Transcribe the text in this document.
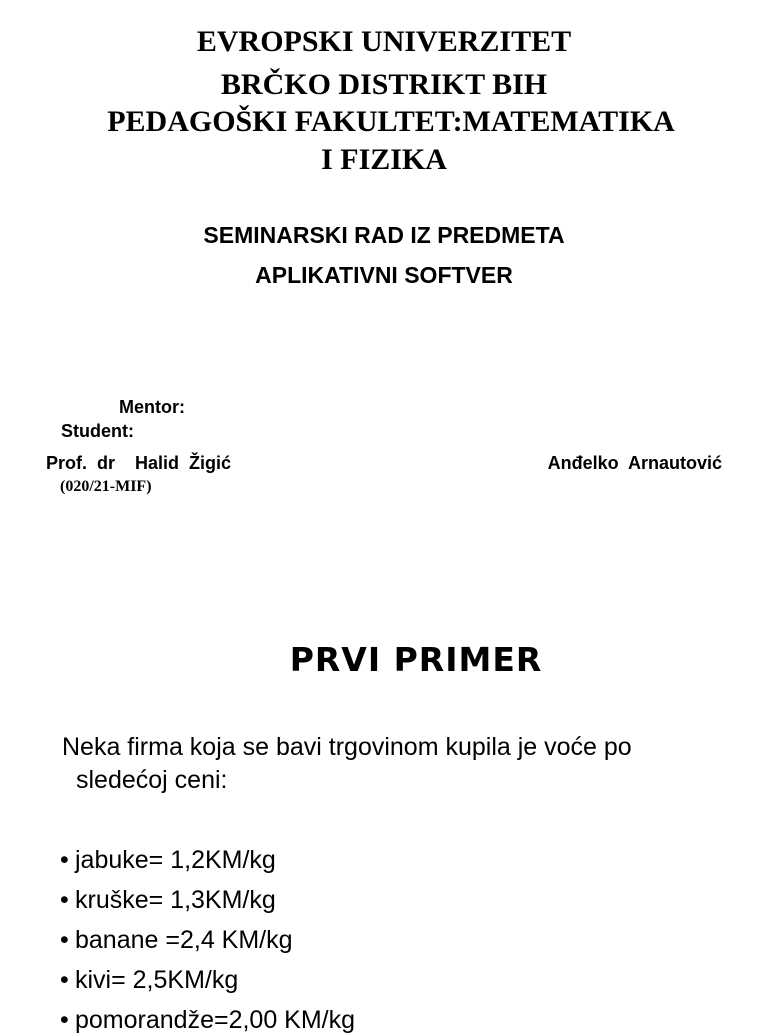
EVROPSKI UNIVERZITET
BRČKO DISTRIKT BIH
PEDAGOŠKI FAKULTET:MATEMATIKA
I FIZIKA
SEMINARSKI RAD IZ PREDMETA
APLIKATIVNI SOFTVER
Mentor:
Student:
Prof.  dr    Halid  Žigić	Anđelko  Arnautović
(020/21-MIF)
PRVI PRIMER
Neka firma koja se bavi trgovinom kupila je voće po
sledećoj ceni:
• jabuke= 1,2KM/kg
• kruške= 1,3KM/kg
• banane =2,4 KM/kg
• kivi= 2,5KM/kg
• pomorandže=2,00 KM/kg
